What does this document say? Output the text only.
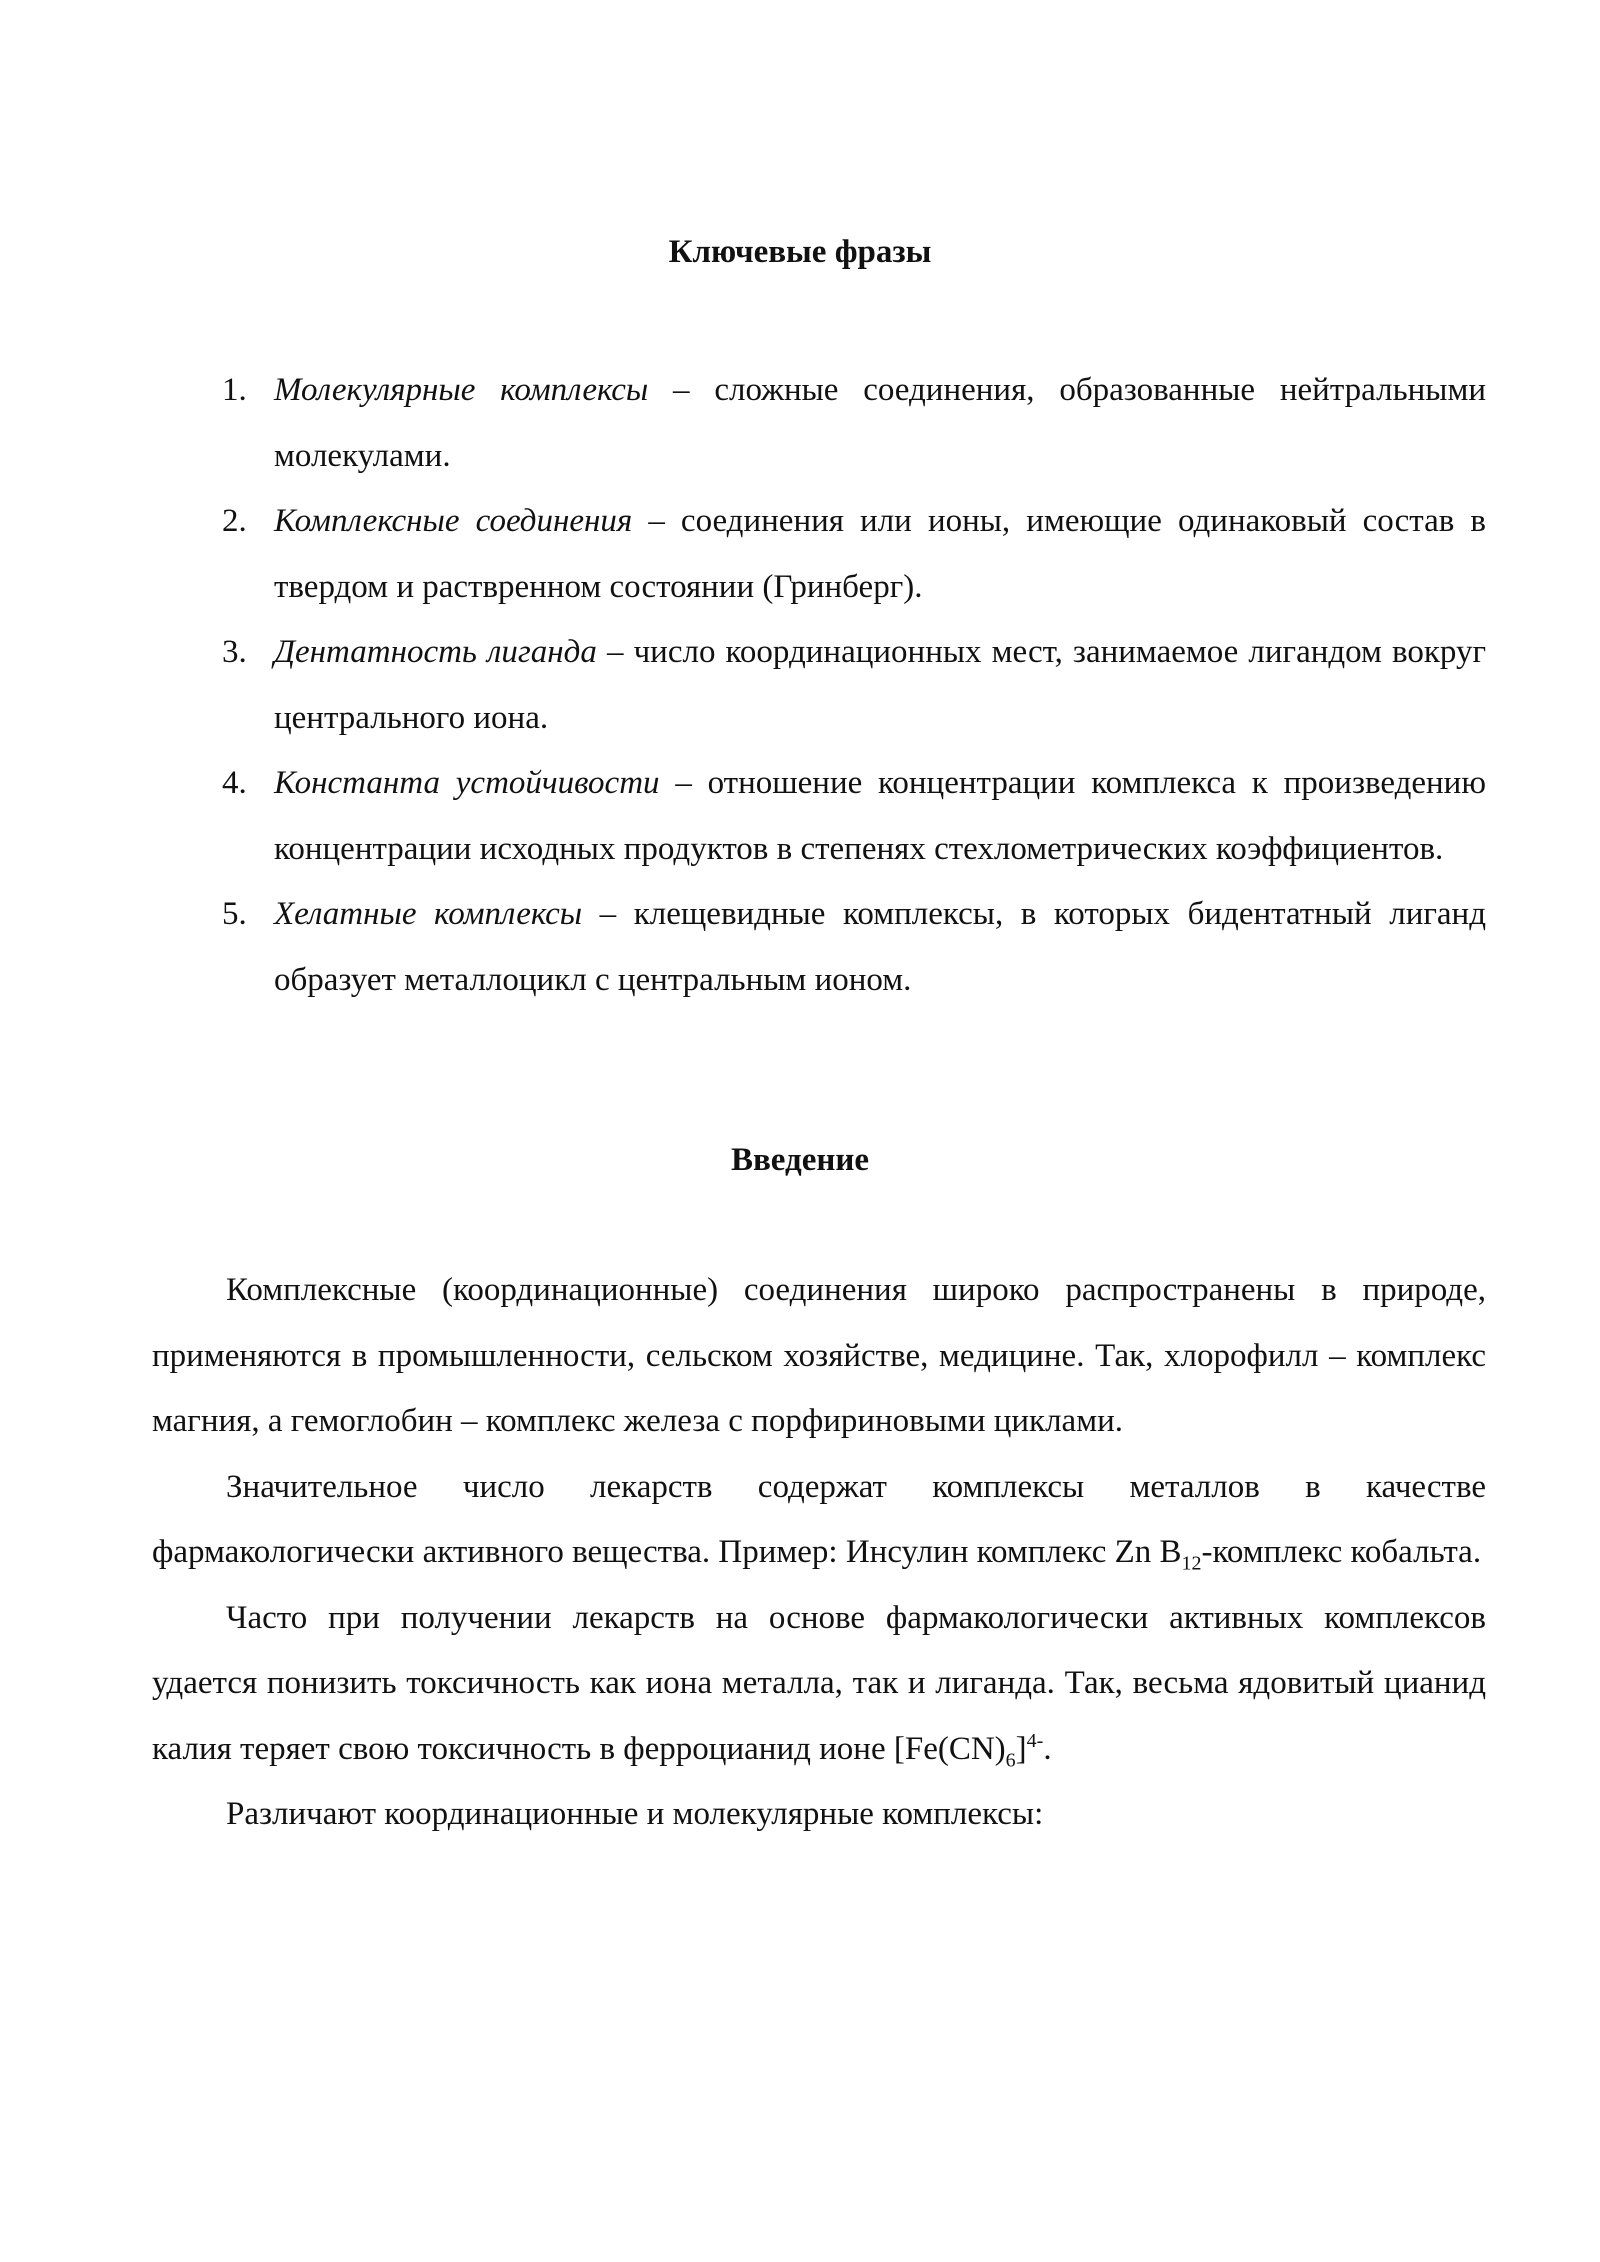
Ключевые фразы
1. Молекулярные комплексы – сложные соединения, образованные нейтральными молекулами.
2. Комплексные соединения – соединения или ионы, имеющие одинаковый состав в твердом и раствренном состоянии (Гринберг).
3. Дентатность лиганда – число координационных мест, занимаемое лигандом вокруг центрального иона.
4. Константа устойчивости – отношение концентрации комплекса к произведению концентрации исходных продуктов в степенях стехлометрических коэффициентов.
5. Хелатные комплексы – клещевидные комплексы, в которых бидентатный лиганд образует металлоцикл с центральным ионом.
Введение

Комплексные (координационные) соединения широко распространены в природе, применяются в промышленности, сельском хозяйстве, медицине. Так, хлорофилл – комплекс магния, а гемоглобин – комплекс железа с порфириновыми циклами.

Значительное число лекарств содержат комплексы металлов в качестве фармакологически активного вещества. Пример: Инсулин комплекс Zn $B_{12}$-комплекс кобальта.

Часто при получении лекарств на основе фармакологически активных комплексов удается понизить токсичность как иона металла, так и лиганда. Так, весьма ядовитый цианид калия теряет свою токсичность в ферроцианид ионе $[Fe(CN)_6]^{4-}$.

Различают координационные и молекулярные комплексы:
